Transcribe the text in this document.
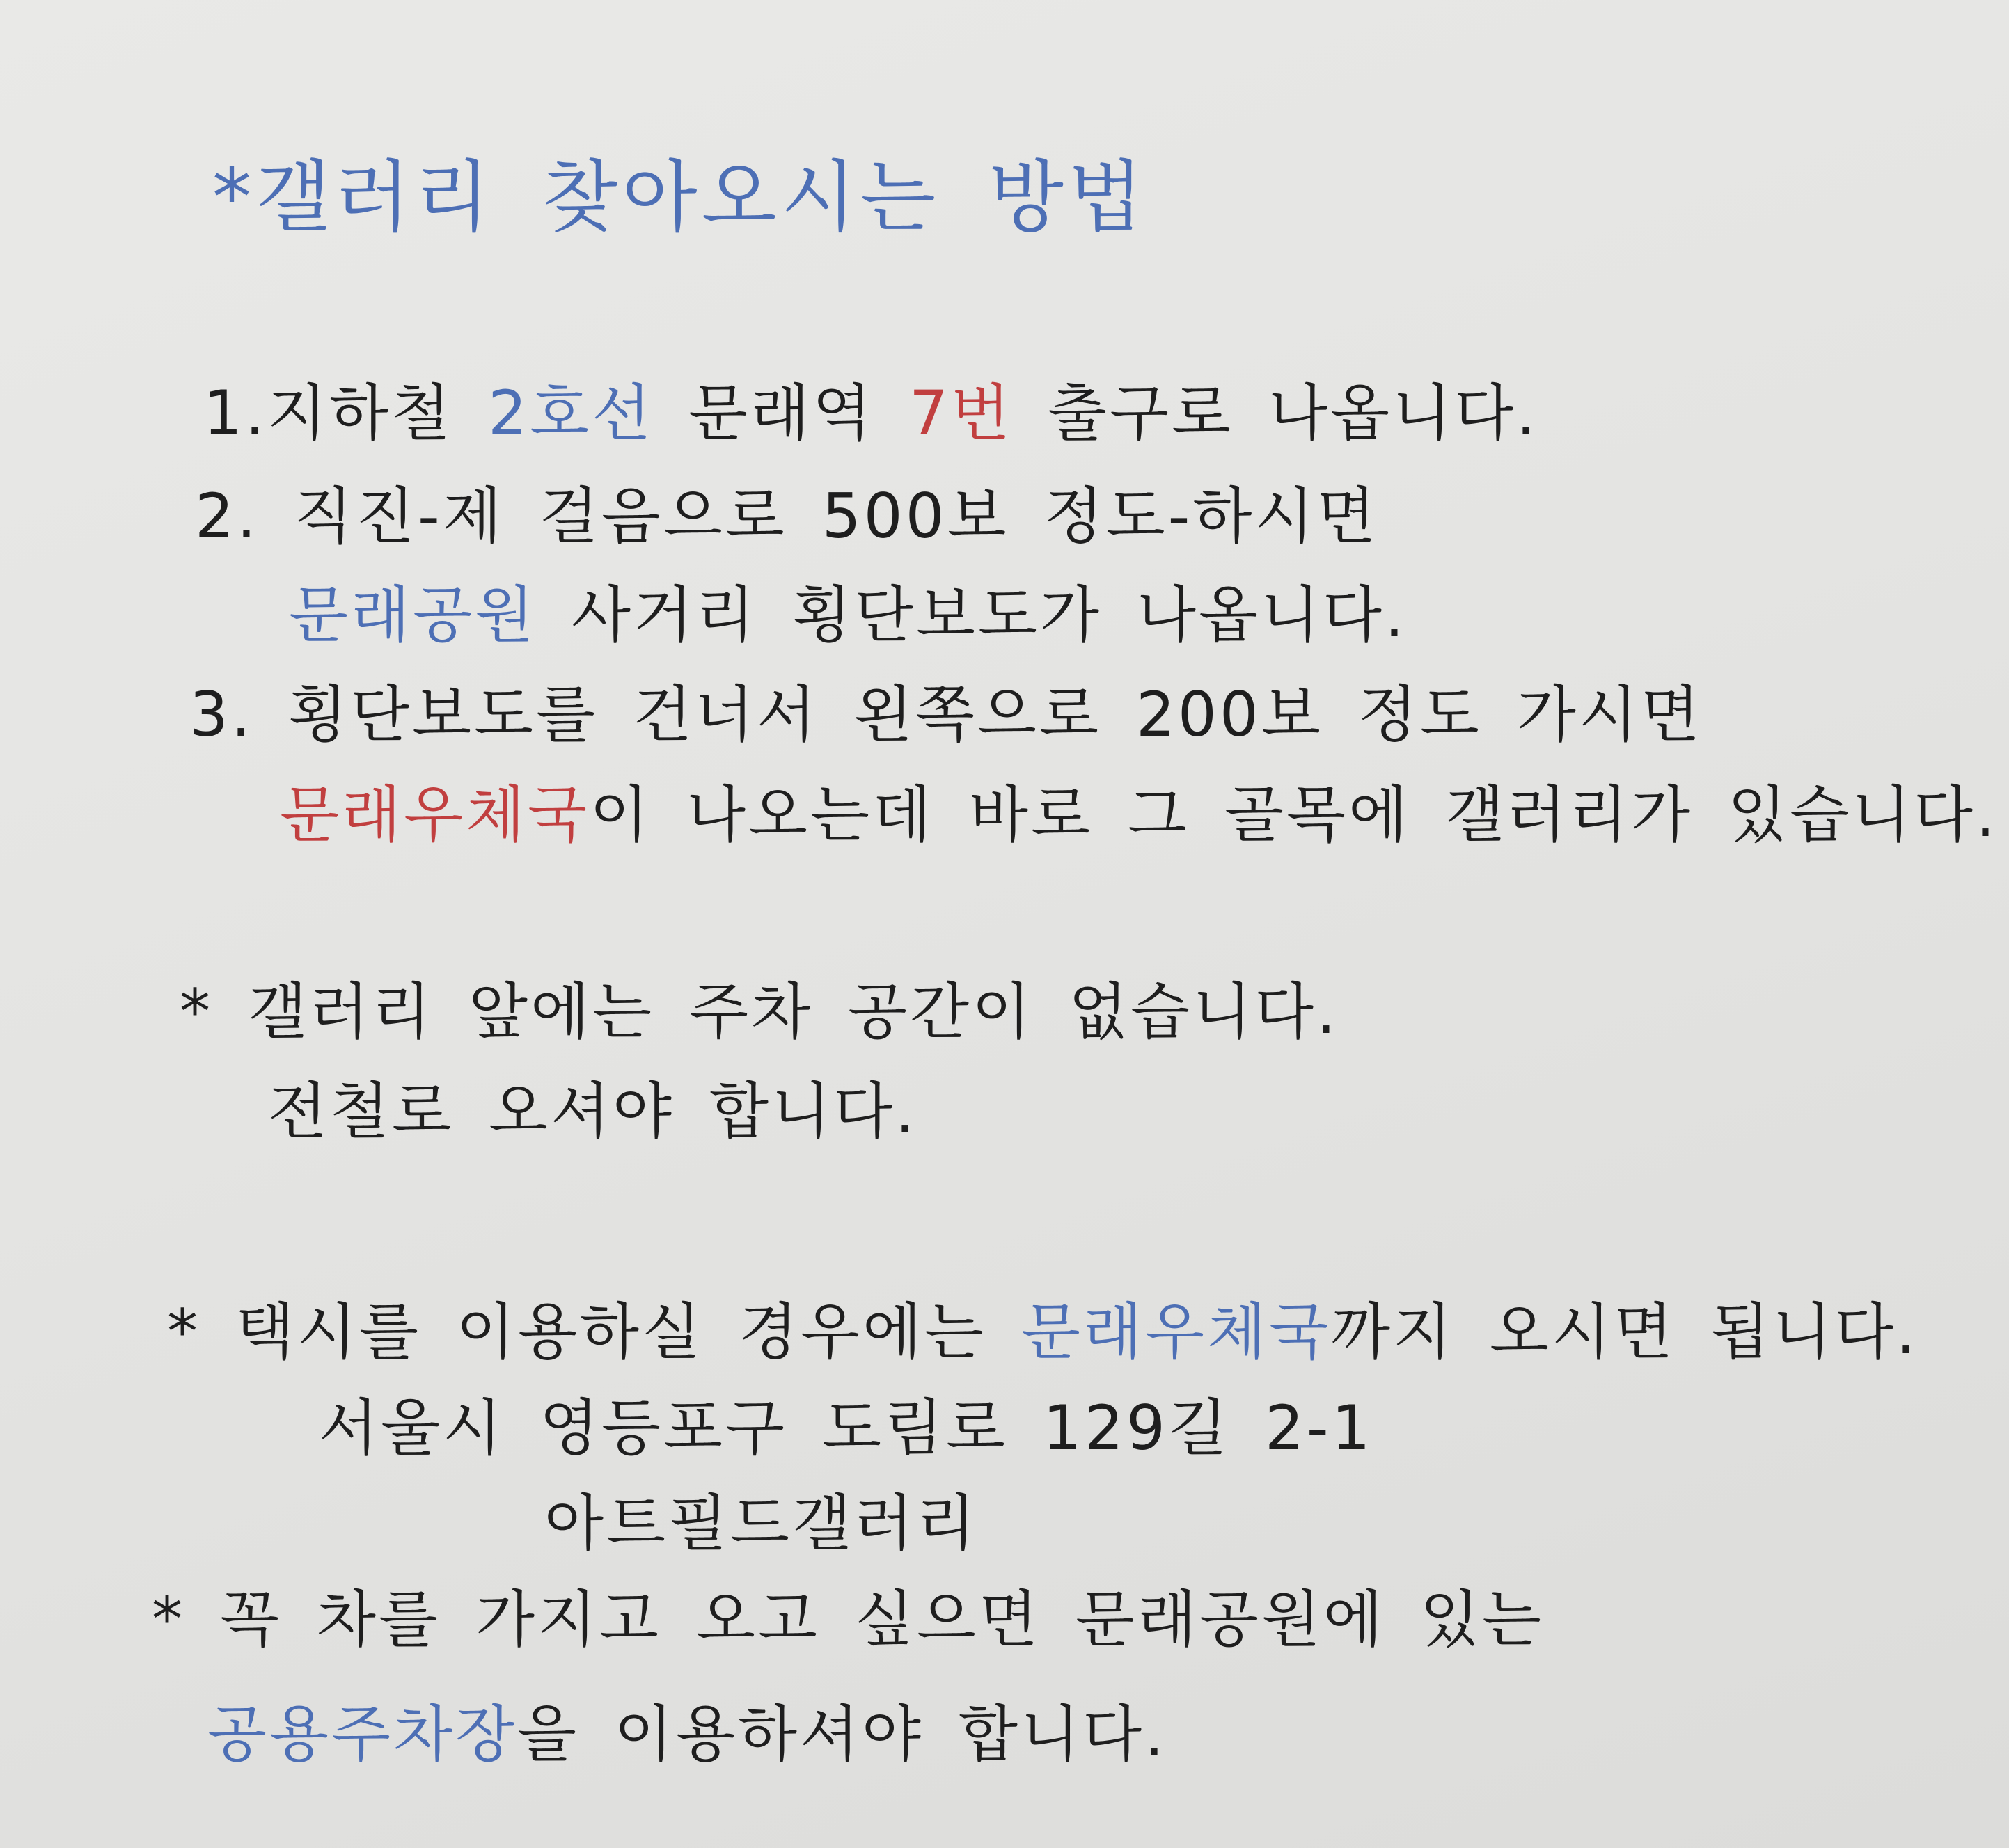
*갤러리 찾아오시는 방법
1.지하철 2호선 문래역 7번 출구로 나옵니다.
2. 직진-제 걸음으로 500보 정도-하시면
문래공원 사거리 횡단보도가 나옵니다.
3. 횡단보도를 건너서 왼쪽으로 200보 정도 가시면
문래우체국이 나오는데 바로 그 골목에 갤러리가 있습니다.
* 갤러리 앞에는 주차 공간이 없습니다.
전철로 오셔야 합니다.
* 택시를 이용하실 경우에는 문래우체국까지 오시면 됩니다.
서울시 영등포구 도림로 129길 2-1
아트필드갤러리
* 꼭 차를 가지고 오고 싶으면 문래공원에 있는
공용주차장을 이용하셔야 합니다.
